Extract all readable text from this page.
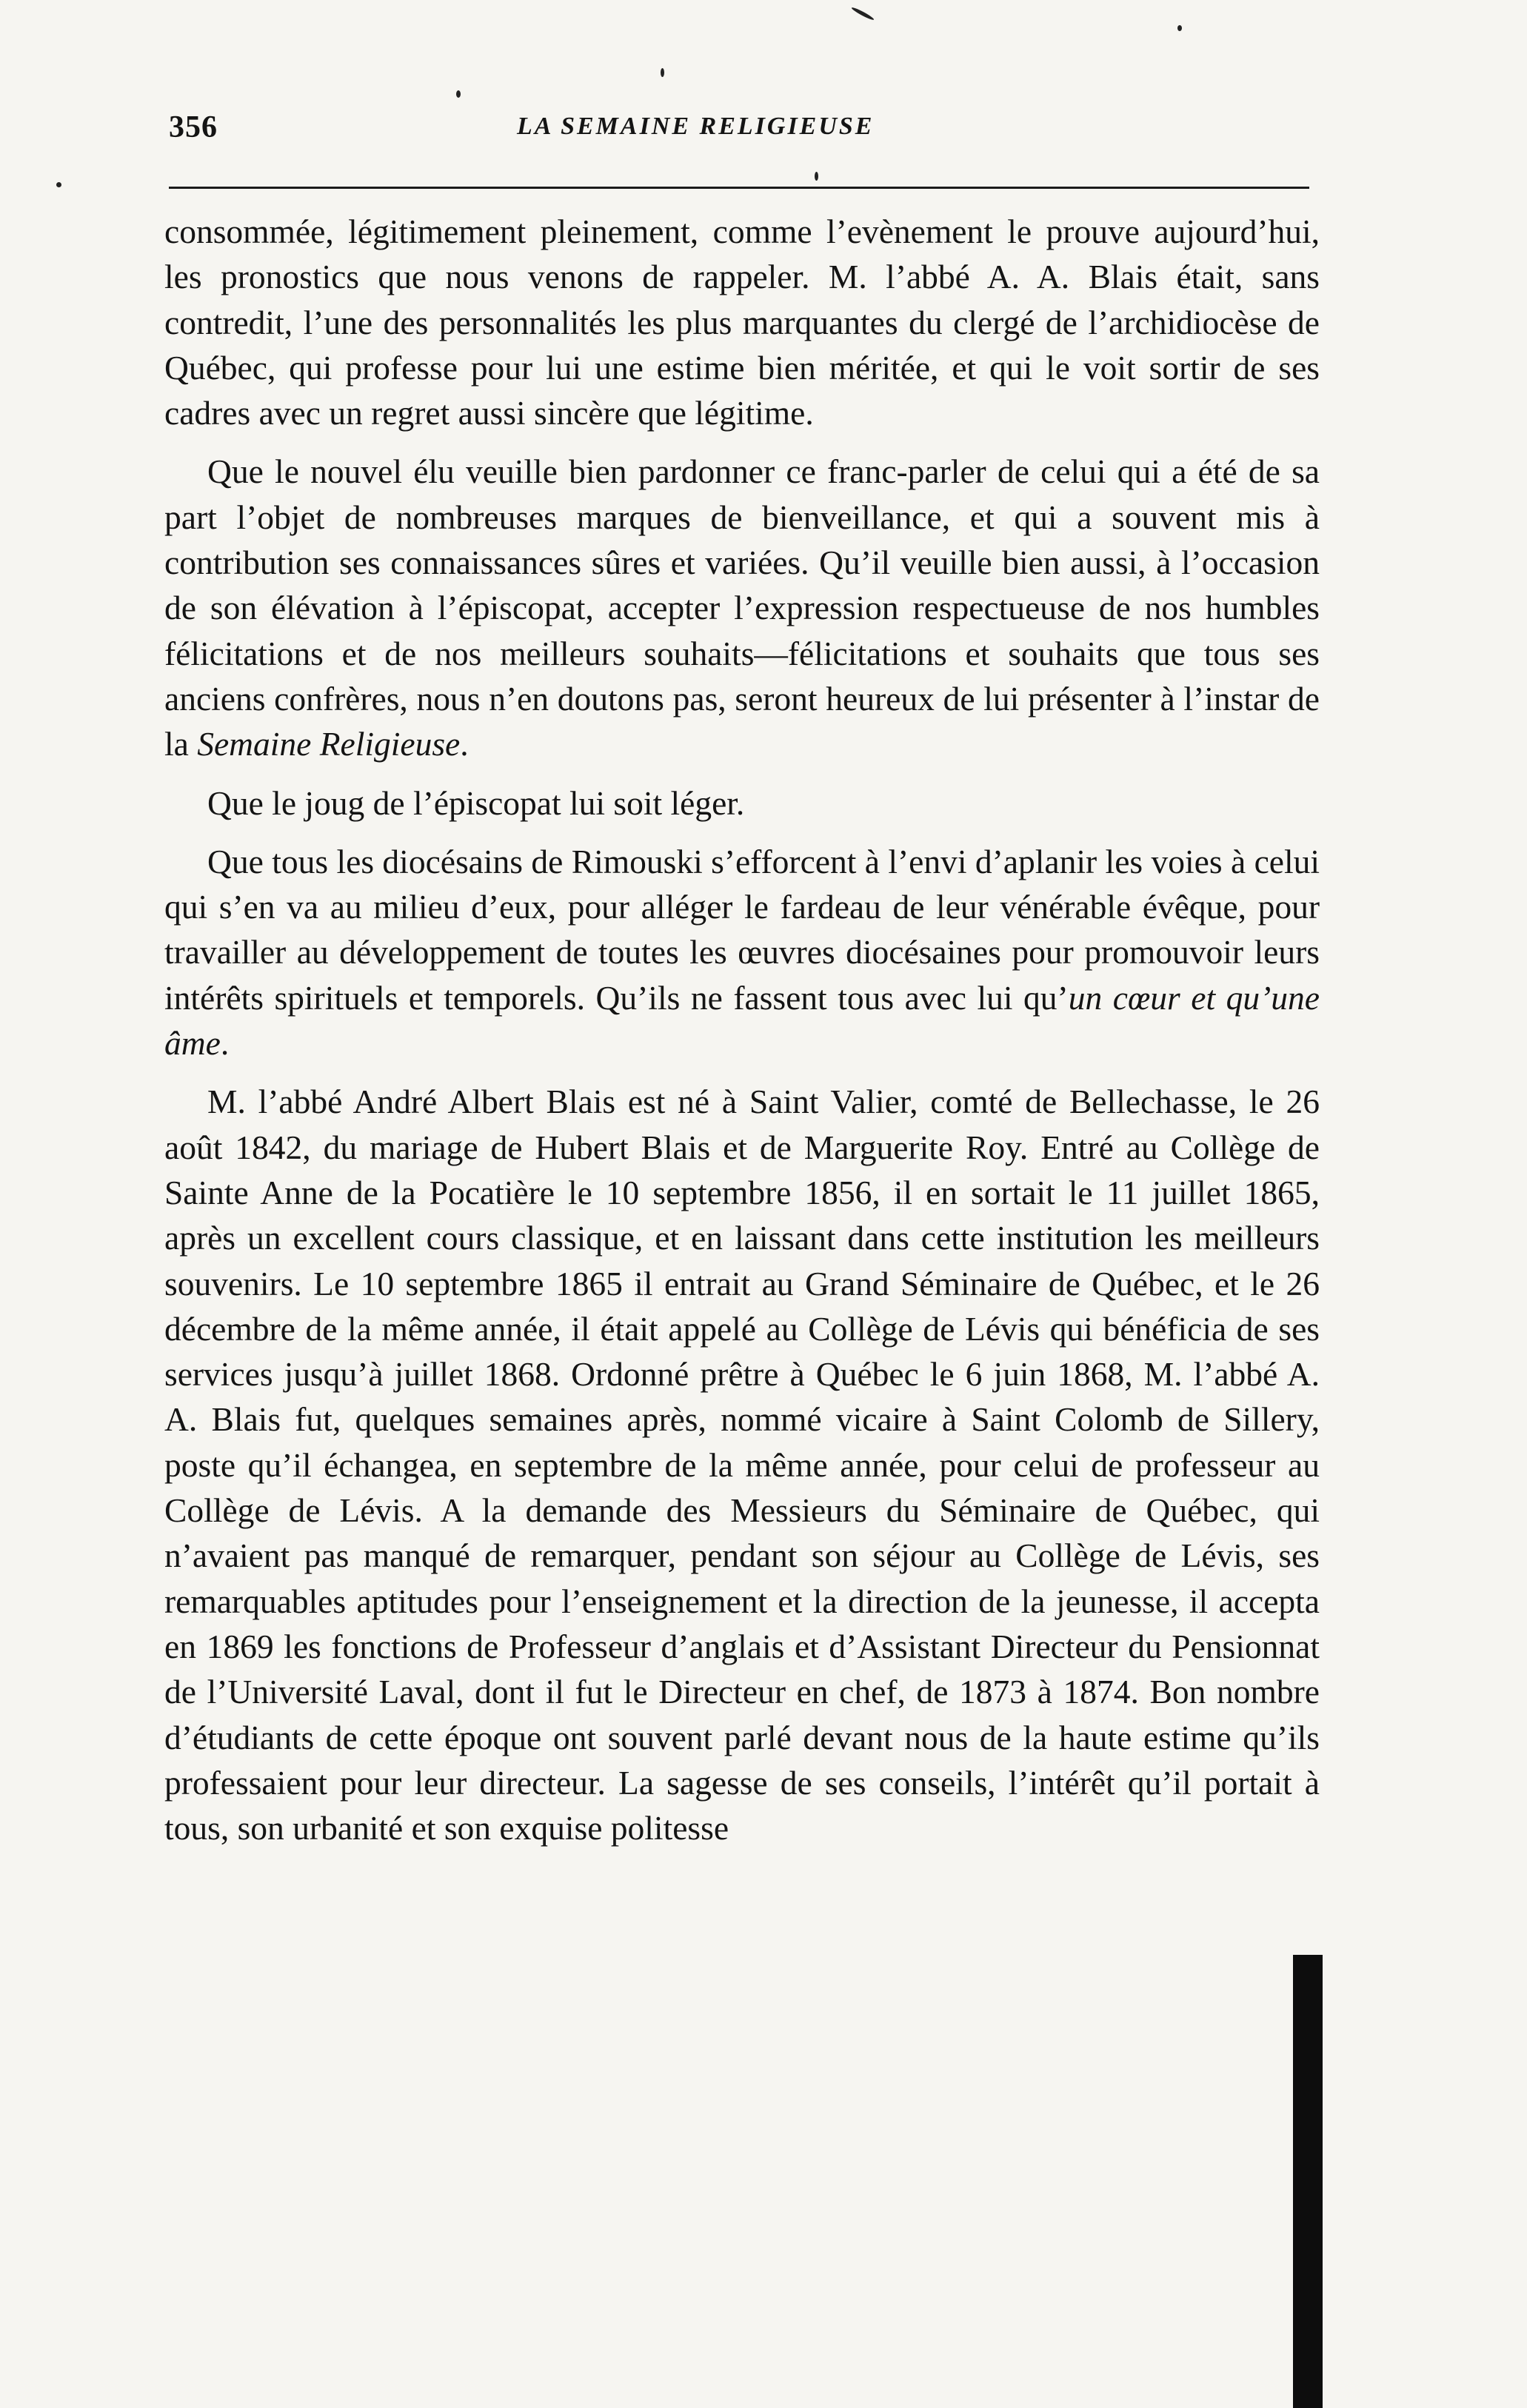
356	LA SEMAINE RELIGIEUSE

consommée, légitimement pleinement, comme l’evènement le prouve aujourd’hui, les pronostics que nous venons de rappeler. M. l’abbé A. A. Blais était, sans contredit, l’une des personnalités les plus marquantes du clergé de l’archidiocèse de Québec, qui professe pour lui une estime bien méritée, et qui le voit sortir de ses cadres avec un regret aussi sincère que légitime.

Que le nouvel élu veuille bien pardonner ce franc-parler de celui qui a été de sa part l’objet de nombreuses marques de bienveillance, et qui a souvent mis à contribution ses connaissances sûres et variées. Qu’il veuille bien aussi, à l’occasion de son élévation à l’épiscopat, accepter l’expression respectueuse de nos humbles félicitations et de nos meilleurs souhaits—félicitations et souhaits que tous ses anciens confrères, nous n’en doutons pas, seront heureux de lui présenter à l’instar de la Semaine Religieuse.

Que le joug de l’épiscopat lui soit léger.

Que tous les diocésains de Rimouski s’efforcent à l’envi d’aplanir les voies à celui qui s’en va au milieu d’eux, pour alléger le fardeau de leur vénérable évêque, pour travailler au développement de toutes les œuvres diocésaines pour promouvoir leurs intérêts spirituels et temporels. Qu’ils ne fassent tous avec lui qu’un cœur et qu’une âme.

M. l’abbé André Albert Blais est né à Saint Valier, comté de Bellechasse, le 26 août 1842, du mariage de Hubert Blais et de Marguerite Roy. Entré au Collège de Sainte Anne de la Pocatière le 10 septembre 1856, il en sortait le 11 juillet 1865, après un excellent cours classique, et en laissant dans cette institution les meilleurs souvenirs. Le 10 septembre 1865 il entrait au Grand Séminaire de Québec, et le 26 décembre de la même année, il était appelé au Collège de Lévis qui bénéficia de ses services jusqu’à juillet 1868. Ordonné prêtre à Québec le 6 juin 1868, M. l’abbé A. A. Blais fut, quelques semaines après, nommé vicaire à Saint Colomb de Sillery, poste qu’il échangea, en septembre de la même année, pour celui de professeur au Collège de Lévis. A la demande des Messieurs du Séminaire de Québec, qui n’avaient pas manqué de remarquer, pendant son séjour au Collège de Lévis, ses remarquables aptitudes pour l’enseignement et la direction de la jeunesse, il accepta en 1869 les fonctions de Professeur d’anglais et d’Assistant Directeur du Pensionnat de l’Université Laval, dont il fut le Directeur en chef, de 1873 à 1874. Bon nombre d’étudiants de cette époque ont souvent parlé devant nous de la haute estime qu’ils professaient pour leur directeur. La sagesse de ses conseils, l’intérêt qu’il portait à tous, son urbanité et son exquise politesse
